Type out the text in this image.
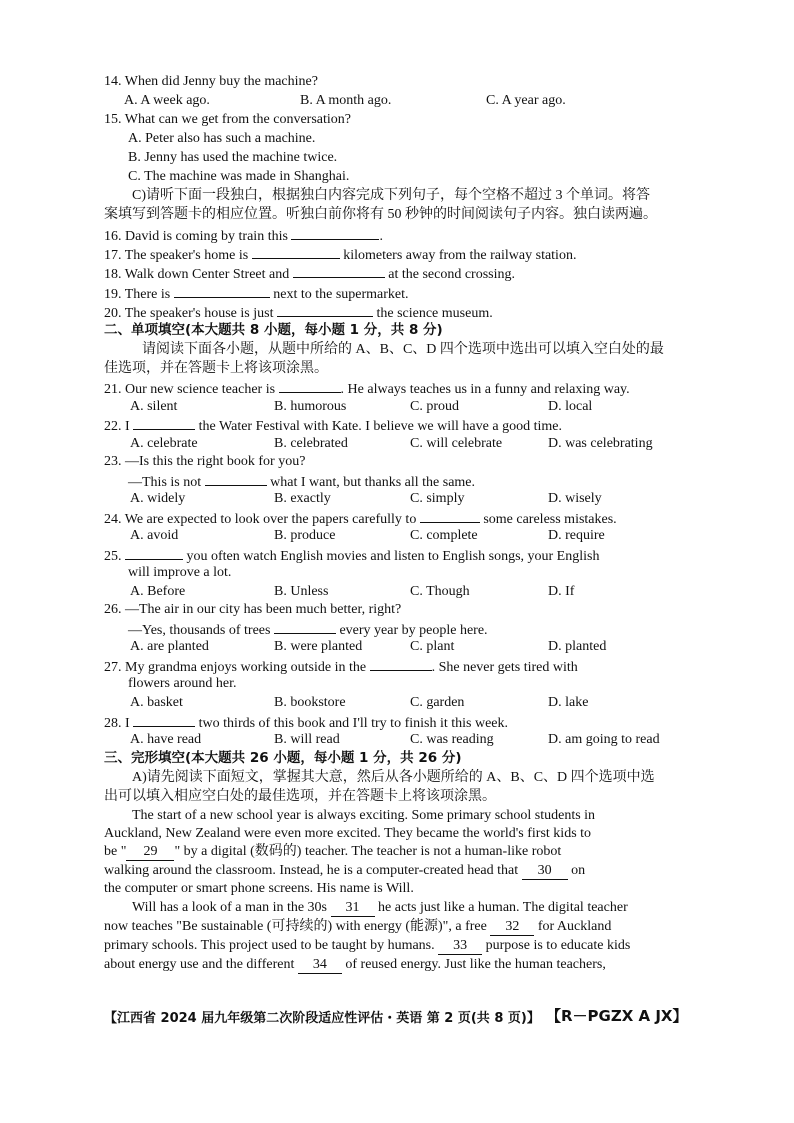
14. When did Jenny buy the machine?
A. A week ago.	B. A month ago.	C. A year ago.
15. What can we get from the conversation?
A. Peter also has such a machine.
B. Jenny has used the machine twice.
C. The machine was made in Shanghai.
C)请听下面一段独白，根据独白内容完成下列句子，每个空格不超过 3 个单词。将答
案填写到答题卡的相应位置。听独白前你将有 50 秒钟的时间阅读句子内容。独白读两遍。
16. David is coming by train this	.
17. The speaker's home is	kilometers away from the railway station.
18. Walk down Center Street and	at the second crossing.
19. There is	next to the supermarket.
20. The speaker's house is just	the science museum.
二、单项填空(本大题共 8 小题，每小题 1 分，共 8 分)
请阅读下面各小题，从题中所给的 A、B、C、D 四个选项中选出可以填入空白处的最
佳选项，并在答题卡上将该项涂黑。
21. Our new science teacher is	. He always teaches us in a funny and relaxing way.
A. silent	B. humorous	C. proud	D. local
22. I	the Water Festival with Kate. I believe we will have a good time.
A. celebrate	B. celebrated	C. will celebrate	D. was celebrating
23. —Is this the right book for you?
—This is not	what I want, but thanks all the same.
A. widely	B. exactly	C. simply	D. wisely
24. We are expected to look over the papers carefully to	some careless mistakes.
A. avoid	B. produce	C. complete	D. require
25.	you often watch English movies and listen to English songs, your English
will improve a lot.
A. Before	B. Unless	C. Though	D. If
26. —The air in our city has been much better, right?
—Yes, thousands of trees	every year by people here.
A. are planted	B. were planted	C. plant	D. planted
27. My grandma enjoys working outside in the	. She never gets tired with
flowers around her.
A. basket	B. bookstore	C. garden	D. lake
28. I	two thirds of this book and I'll try to finish it this week.
A. have read	B. will read	C. was reading	D. am going to read
三、完形填空(本大题共 26 小题，每小题 1 分，共 26 分)
A)请先阅读下面短文，掌握其大意，然后从各小题所给的 A、B、C、D 四个选项中选
出可以填入相应空白处的最佳选项，并在答题卡上将该项涂黑。
The start of a new school year is always exciting. Some primary school students in
Auckland, New Zealand were even more excited. They became the world's first kids to
be " 29 " by a digital (数码的) teacher. The teacher is not a human-like robot
walking around the classroom. Instead, he is a computer-created head that 30 on
the computer or smart phone screens. His name is Will.
Will has a look of a man in the 30s 31 he acts just like a human. The digital teacher
now teaches "Be sustainable (可持续的) with energy (能源)", a free 32 for Auckland
primary schools. This project used to be taught by humans. 33 purpose is to educate kids
about energy use and the different 34 of reused energy. Just like the human teachers,
【江西省 2024 届九年级第二次阶段适应性评估・英语 第 2 页(共 8 页)】 【R－PGZX A JX】
